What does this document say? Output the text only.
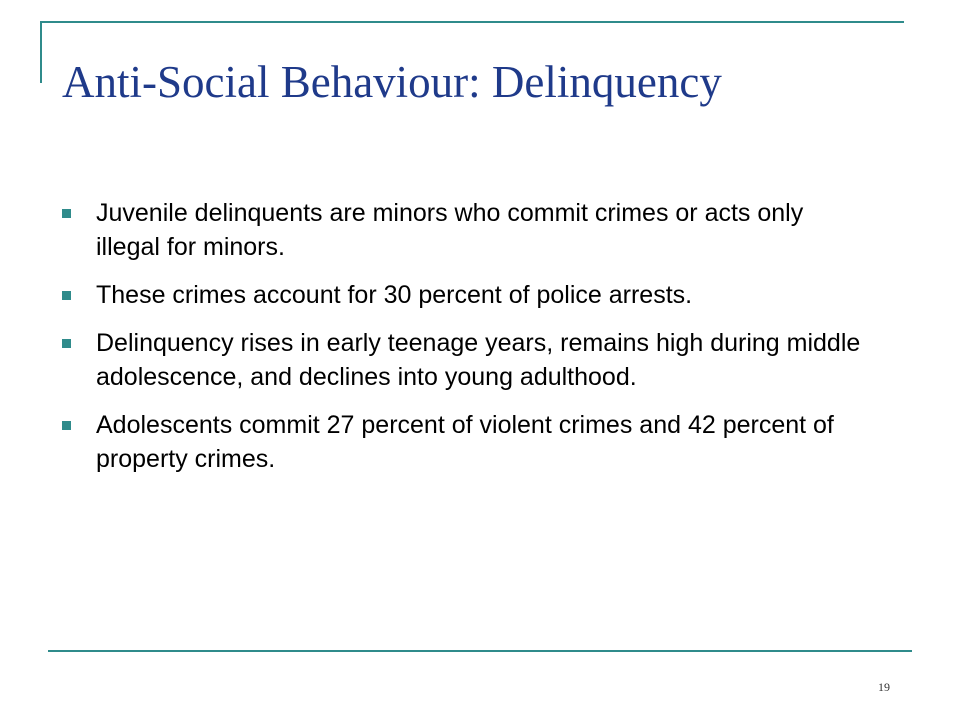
Anti-Social Behaviour: Delinquency
Juvenile delinquents are minors who commit crimes or acts only illegal for minors.
These crimes account for 30 percent of police arrests.
Delinquency rises in early teenage years, remains high during middle adolescence, and declines into young adulthood.
Adolescents commit 27 percent of violent crimes and 42 percent of property crimes.
19
